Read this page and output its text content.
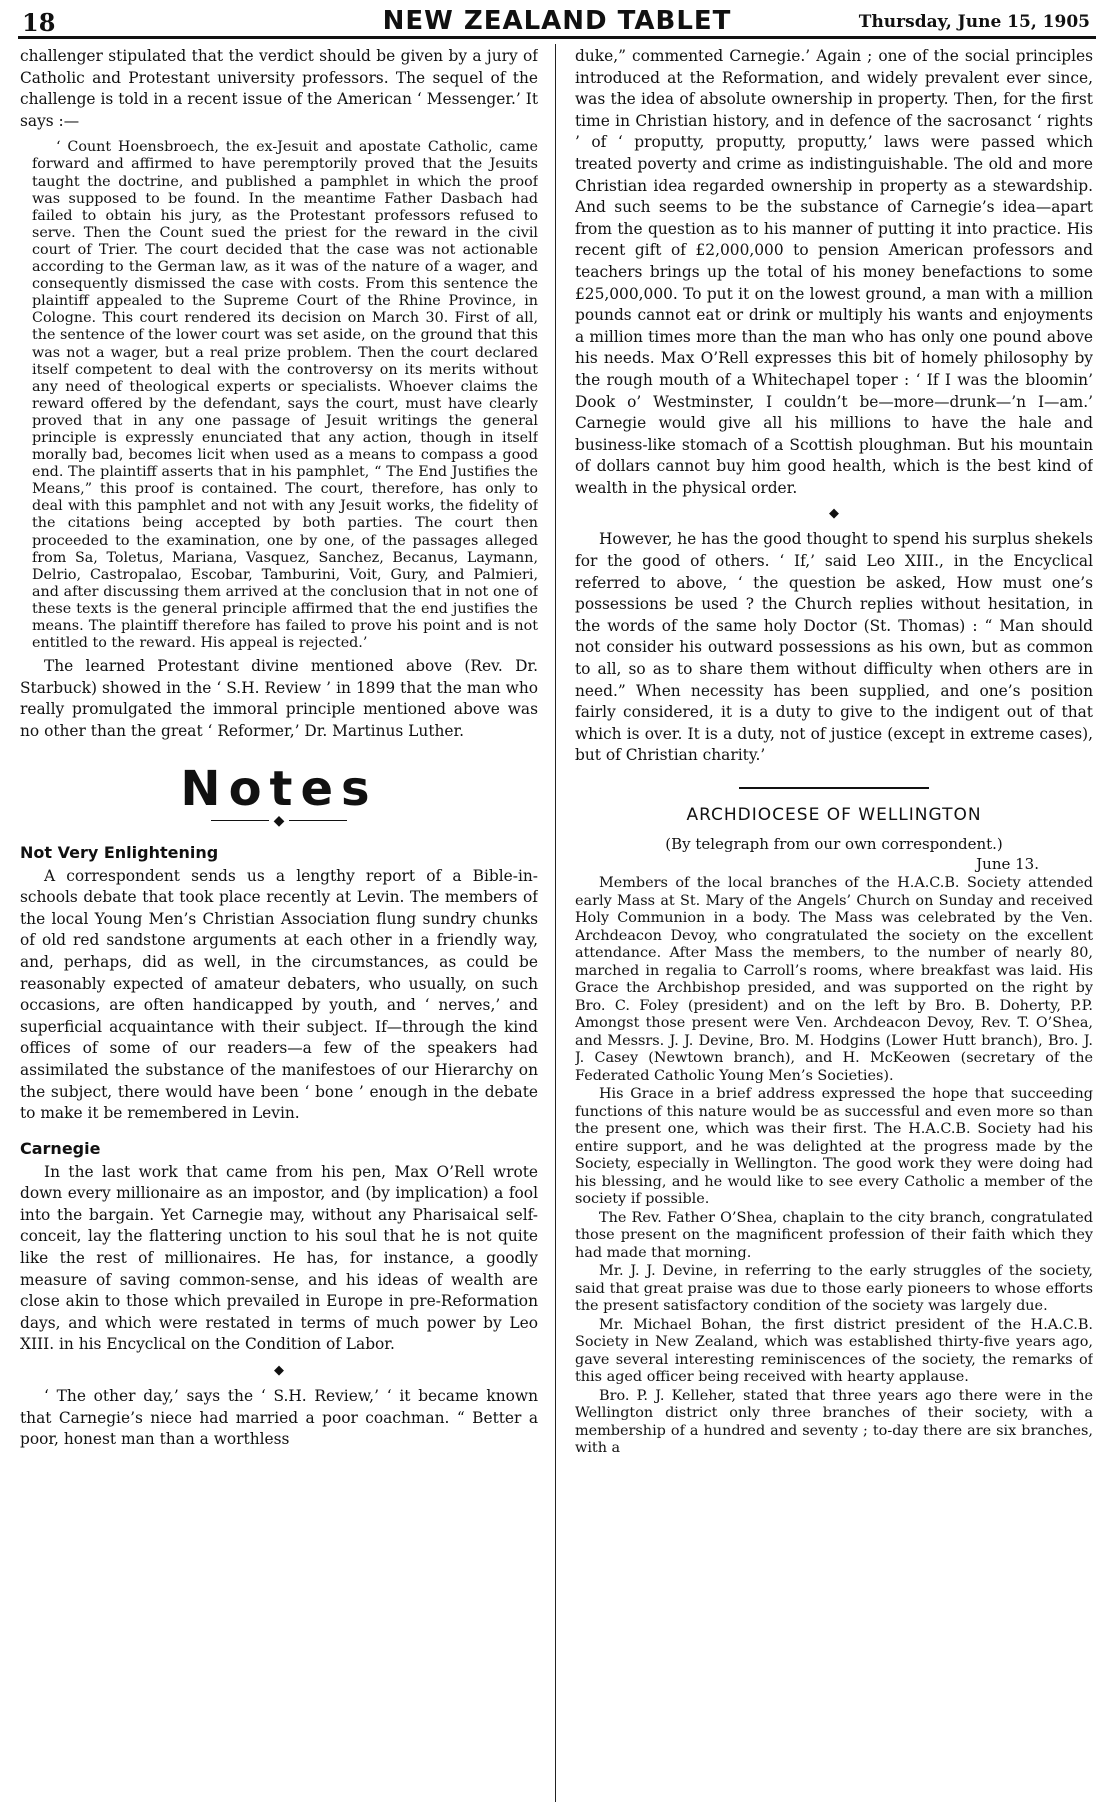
18	NEW ZEALAND TABLET	Thursday, June 15, 1905

challenger stipulated that the verdict should be given by a jury of Catholic and Protestant university professors. The sequel of the challenge is told in a recent issue of the American ‘ Messenger.’ It says :—

‘ Count Hoensbroech, the ex-Jesuit and apostate Catholic, came forward and affirmed to have peremptorily proved that the Jesuits taught the doctrine, and published a pamphlet in which the proof was supposed to be found. In the meantime Father Dasbach had failed to obtain his jury, as the Protestant professors refused to serve. Then the Count sued the priest for the reward in the civil court of Trier. The court decided that the case was not actionable according to the German law, as it was of the nature of a wager, and consequently dismissed the case with costs. From this sentence the plaintiff appealed to the Supreme Court of the Rhine Province, in Cologne. This court rendered its decision on March 30. First of all, the sentence of the lower court was set aside, on the ground that this was not a wager, but a real prize problem. Then the court declared itself competent to deal with the controversy on its merits without any need of theological experts or specialists. Whoever claims the reward offered by the defendant, says the court, must have clearly proved that in any one passage of Jesuit writings the general principle is expressly enunciated that any action, though in itself morally bad, becomes licit when used as a means to compass a good end. The plaintiff asserts that in his pamphlet, “ The End Justifies the Means,” this proof is contained. The court, therefore, has only to deal with this pamphlet and not with any Jesuit works, the fidelity of the citations being accepted by both parties. The court then proceeded to the examination, one by one, of the passages alleged from Sa, Toletus, Mariana, Vasquez, Sanchez, Becanus, Laymann, Delrio, Castropalao, Escobar, Tamburini, Voit, Gury, and Palmieri, and after discussing them arrived at the conclusion that in not one of these texts is the general principle affirmed that the end justifies the means. The plaintiff therefore has failed to prove his point and is not entitled to the reward. His appeal is rejected.’

The learned Protestant divine mentioned above (Rev. Dr. Starbuck) showed in the ‘ S.H. Review ’ in 1899 that the man who really promulgated the immoral principle mentioned above was no other than the great ‘ Reformer,’ Dr. Martinus Luther.

Notes
◆
Not Very Enlightening

A correspondent sends us a lengthy report of a Bible-in-schools debate that took place recently at Levin. The members of the local Young Men’s Christian Association flung sundry chunks of old red sandstone arguments at each other in a friendly way, and, perhaps, did as well, in the circumstances, as could be reasonably expected of amateur debaters, who usually, on such occasions, are often handicapped by youth, and ‘ nerves,’ and superficial acquaintance with their subject. If—through the kind offices of some of our readers—a few of the speakers had assimilated the substance of the manifestoes of our Hierarchy on the subject, there would have been ‘ bone ’ enough in the debate to make it be remembered in Levin.

Carnegie

In the last work that came from his pen, Max O’Rell wrote down every millionaire as an impostor, and (by implication) a fool into the bargain. Yet Carnegie may, without any Pharisaical self-conceit, lay the flattering unction to his soul that he is not quite like the rest of millionaires. He has, for instance, a goodly measure of saving common-sense, and his ideas of wealth are close akin to those which prevailed in Europe in pre-Reformation days, and which were restated in terms of much power by Leo XIII. in his Encyclical on the Condition of Labor.

◆

‘ The other day,’ says the ‘ S.H. Review,’ ‘ it became known that Carnegie’s niece had married a poor coachman. “ Better a poor, honest man than a worthless

duke,” commented Carnegie.’ Again ; one of the social principles introduced at the Reformation, and widely prevalent ever since, was the idea of absolute ownership in property. Then, for the first time in Christian history, and in defence of the sacrosanct ‘ rights ’ of ‘ proputty, proputty, proputty,’ laws were passed which treated poverty and crime as indistinguishable. The old and more Christian idea regarded ownership in property as a stewardship. And such seems to be the substance of Carnegie’s idea—apart from the question as to his manner of putting it into practice. His recent gift of £2,000,000 to pension American professors and teachers brings up the total of his money benefactions to some £25,000,000. To put it on the lowest ground, a man with a million pounds cannot eat or drink or multiply his wants and enjoyments a million times more than the man who has only one pound above his needs. Max O’Rell expresses this bit of homely philosophy by the rough mouth of a Whitechapel toper : ‘ If I was the bloomin’ Dook o’ Westminster, I couldn’t be—more—drunk—’n I—am.’ Carnegie would give all his millions to have the hale and business-like stomach of a Scottish ploughman. But his mountain of dollars cannot buy him good health, which is the best kind of wealth in the physical order.

◆

However, he has the good thought to spend his surplus shekels for the good of others. ‘ If,’ said Leo XIII., in the Encyclical referred to above, ‘ the question be asked, How must one’s possessions be used ? the Church replies without hesitation, in the words of the same holy Doctor (St. Thomas) : “ Man should not consider his outward possessions as his own, but as common to all, so as to share them without difficulty when others are in need.” When necessity has been supplied, and one’s position fairly considered, it is a duty to give to the indigent out of that which is over. It is a duty, not of justice (except in extreme cases), but of Christian charity.’

ARCHDIOCESE OF WELLINGTON
(By telegraph from our own correspondent.)
June 13.

Members of the local branches of the H.A.C.B. Society attended early Mass at St. Mary of the Angels’ Church on Sunday and received Holy Communion in a body. The Mass was celebrated by the Ven. Archdeacon Devoy, who congratulated the society on the excellent attendance. After Mass the members, to the number of nearly 80, marched in regalia to Carroll’s rooms, where breakfast was laid. His Grace the Archbishop presided, and was supported on the right by Bro. C. Foley (president) and on the left by Bro. B. Doherty, P.P. Amongst those present were Ven. Archdeacon Devoy, Rev. T. O’Shea, and Messrs. J. J. Devine, Bro. M. Hodgins (Lower Hutt branch), Bro. J. J. Casey (Newtown branch), and H. McKeowen (secretary of the Federated Catholic Young Men’s Societies).

His Grace in a brief address expressed the hope that succeeding functions of this nature would be as successful and even more so than the present one, which was their first. The H.A.C.B. Society had his entire support, and he was delighted at the progress made by the Society, especially in Wellington. The good work they were doing had his blessing, and he would like to see every Catholic a member of the society if possible.

The Rev. Father O’Shea, chaplain to the city branch, congratulated those present on the magnificent profession of their faith which they had made that morning.

Mr. J. J. Devine, in referring to the early struggles of the society, said that great praise was due to those early pioneers to whose efforts the present satisfactory condition of the society was largely due.

Mr. Michael Bohan, the first district president of the H.A.C.B. Society in New Zealand, which was established thirty-five years ago, gave several interesting reminiscences of the society, the remarks of this aged officer being received with hearty applause.

Bro. P. J. Kelleher, stated that three years ago there were in the Wellington district only three branches of their society, with a membership of a hundred and seventy ; to-day there are six branches, with a
